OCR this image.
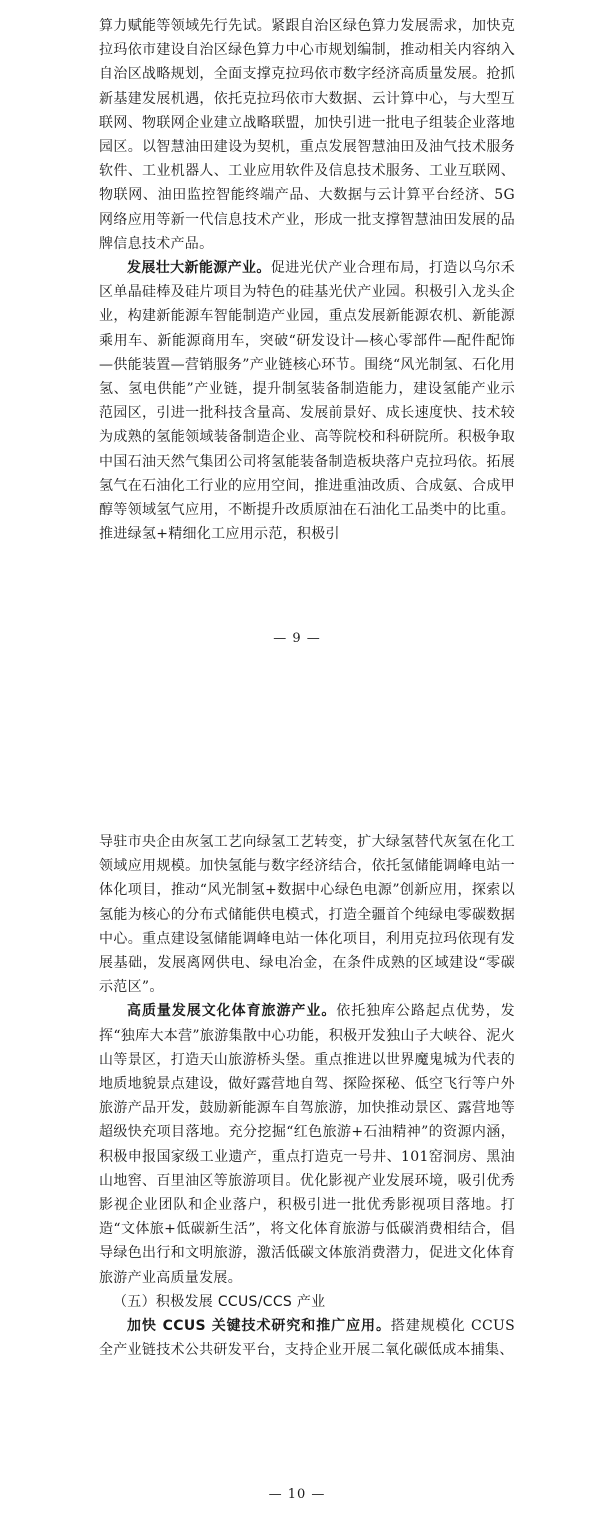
算力赋能等领域先行先试。紧跟自治区绿色算力发展需求，加快克拉玛依市建设自治区绿色算力中心市规划编制，推动相关内容纳入自治区战略规划，全面支撑克拉玛依市数字经济高质量发展。抢抓新基建发展机遇，依托克拉玛依市大数据、云计算中心，与大型互联网、物联网企业建立战略联盟，加快引进一批电子组装企业落地园区。以智慧油田建设为契机，重点发展智慧油田及油气技术服务软件、工业机器人、工业应用软件及信息技术服务、工业互联网、物联网、油田监控智能终端产品、大数据与云计算平台经济、5G网络应用等新一代信息技术产业，形成一批支撑智慧油田发展的品牌信息技术产品。

发展壮大新能源产业。促进光伏产业合理布局，打造以乌尔禾区单晶硅棒及硅片项目为特色的硅基光伏产业园。积极引入龙头企业，构建新能源车智能制造产业园，重点发展新能源农机、新能源乘用车、新能源商用车，突破“研发设计—核心零部件—配件配饰—供能装置—营销服务”产业链核心环节。围绕“风光制氢、石化用氢、氢电供能”产业链，提升制氢装备制造能力，建设氢能产业示范园区，引进一批科技含量高、发展前景好、成长速度快、技术较为成熟的氢能领域装备制造企业、高等院校和科研院所。积极争取中国石油天然气集团公司将氢能装备制造板块落户克拉玛依。拓展氢气在石油化工行业的应用空间，推进重油改质、合成氨、合成甲醇等领域氢气应用，不断提升改质原油在石油化工品类中的比重。推进绿氢+精细化工应用示范，积极引

— 9 —

导驻市央企由灰氢工艺向绿氢工艺转变，扩大绿氢替代灰氢在化工领域应用规模。加快氢能与数字经济结合，依托氢储能调峰电站一体化项目，推动“风光制氢+数据中心绿色电源”创新应用，探索以氢能为核心的分布式储能供电模式，打造全疆首个纯绿电零碳数据中心。重点建设氢储能调峰电站一体化项目，利用克拉玛依现有发展基础，发展离网供电、绿电冶金，在条件成熟的区域建设“零碳示范区”。

高质量发展文化体育旅游产业。依托独库公路起点优势，发挥“独库大本营”旅游集散中心功能，积极开发独山子大峡谷、泥火山等景区，打造天山旅游桥头堡。重点推进以世界魔鬼城为代表的地质地貌景点建设，做好露营地自驾、探险探秘、低空飞行等户外旅游产品开发，鼓励新能源车自驾旅游，加快推动景区、露营地等超级快充项目落地。充分挖掘“红色旅游+石油精神”的资源内涵，积极申报国家级工业遗产，重点打造克一号井、101窑洞房、黑油山地窖、百里油区等旅游项目。优化影视产业发展环境，吸引优秀影视企业团队和企业落户，积极引进一批优秀影视项目落地。打造“文体旅+低碳新生活”，将文化体育旅游与低碳消费相结合，倡导绿色出行和文明旅游，激活低碳文体旅消费潜力，促进文化体育旅游产业高质量发展。

（五）积极发展 CCUS/CCS 产业

加快 CCUS 关键技术研究和推广应用。搭建规模化 CCUS 全产业链技术公共研发平台，支持企业开展二氧化碳低成本捕集、

— 10 —
